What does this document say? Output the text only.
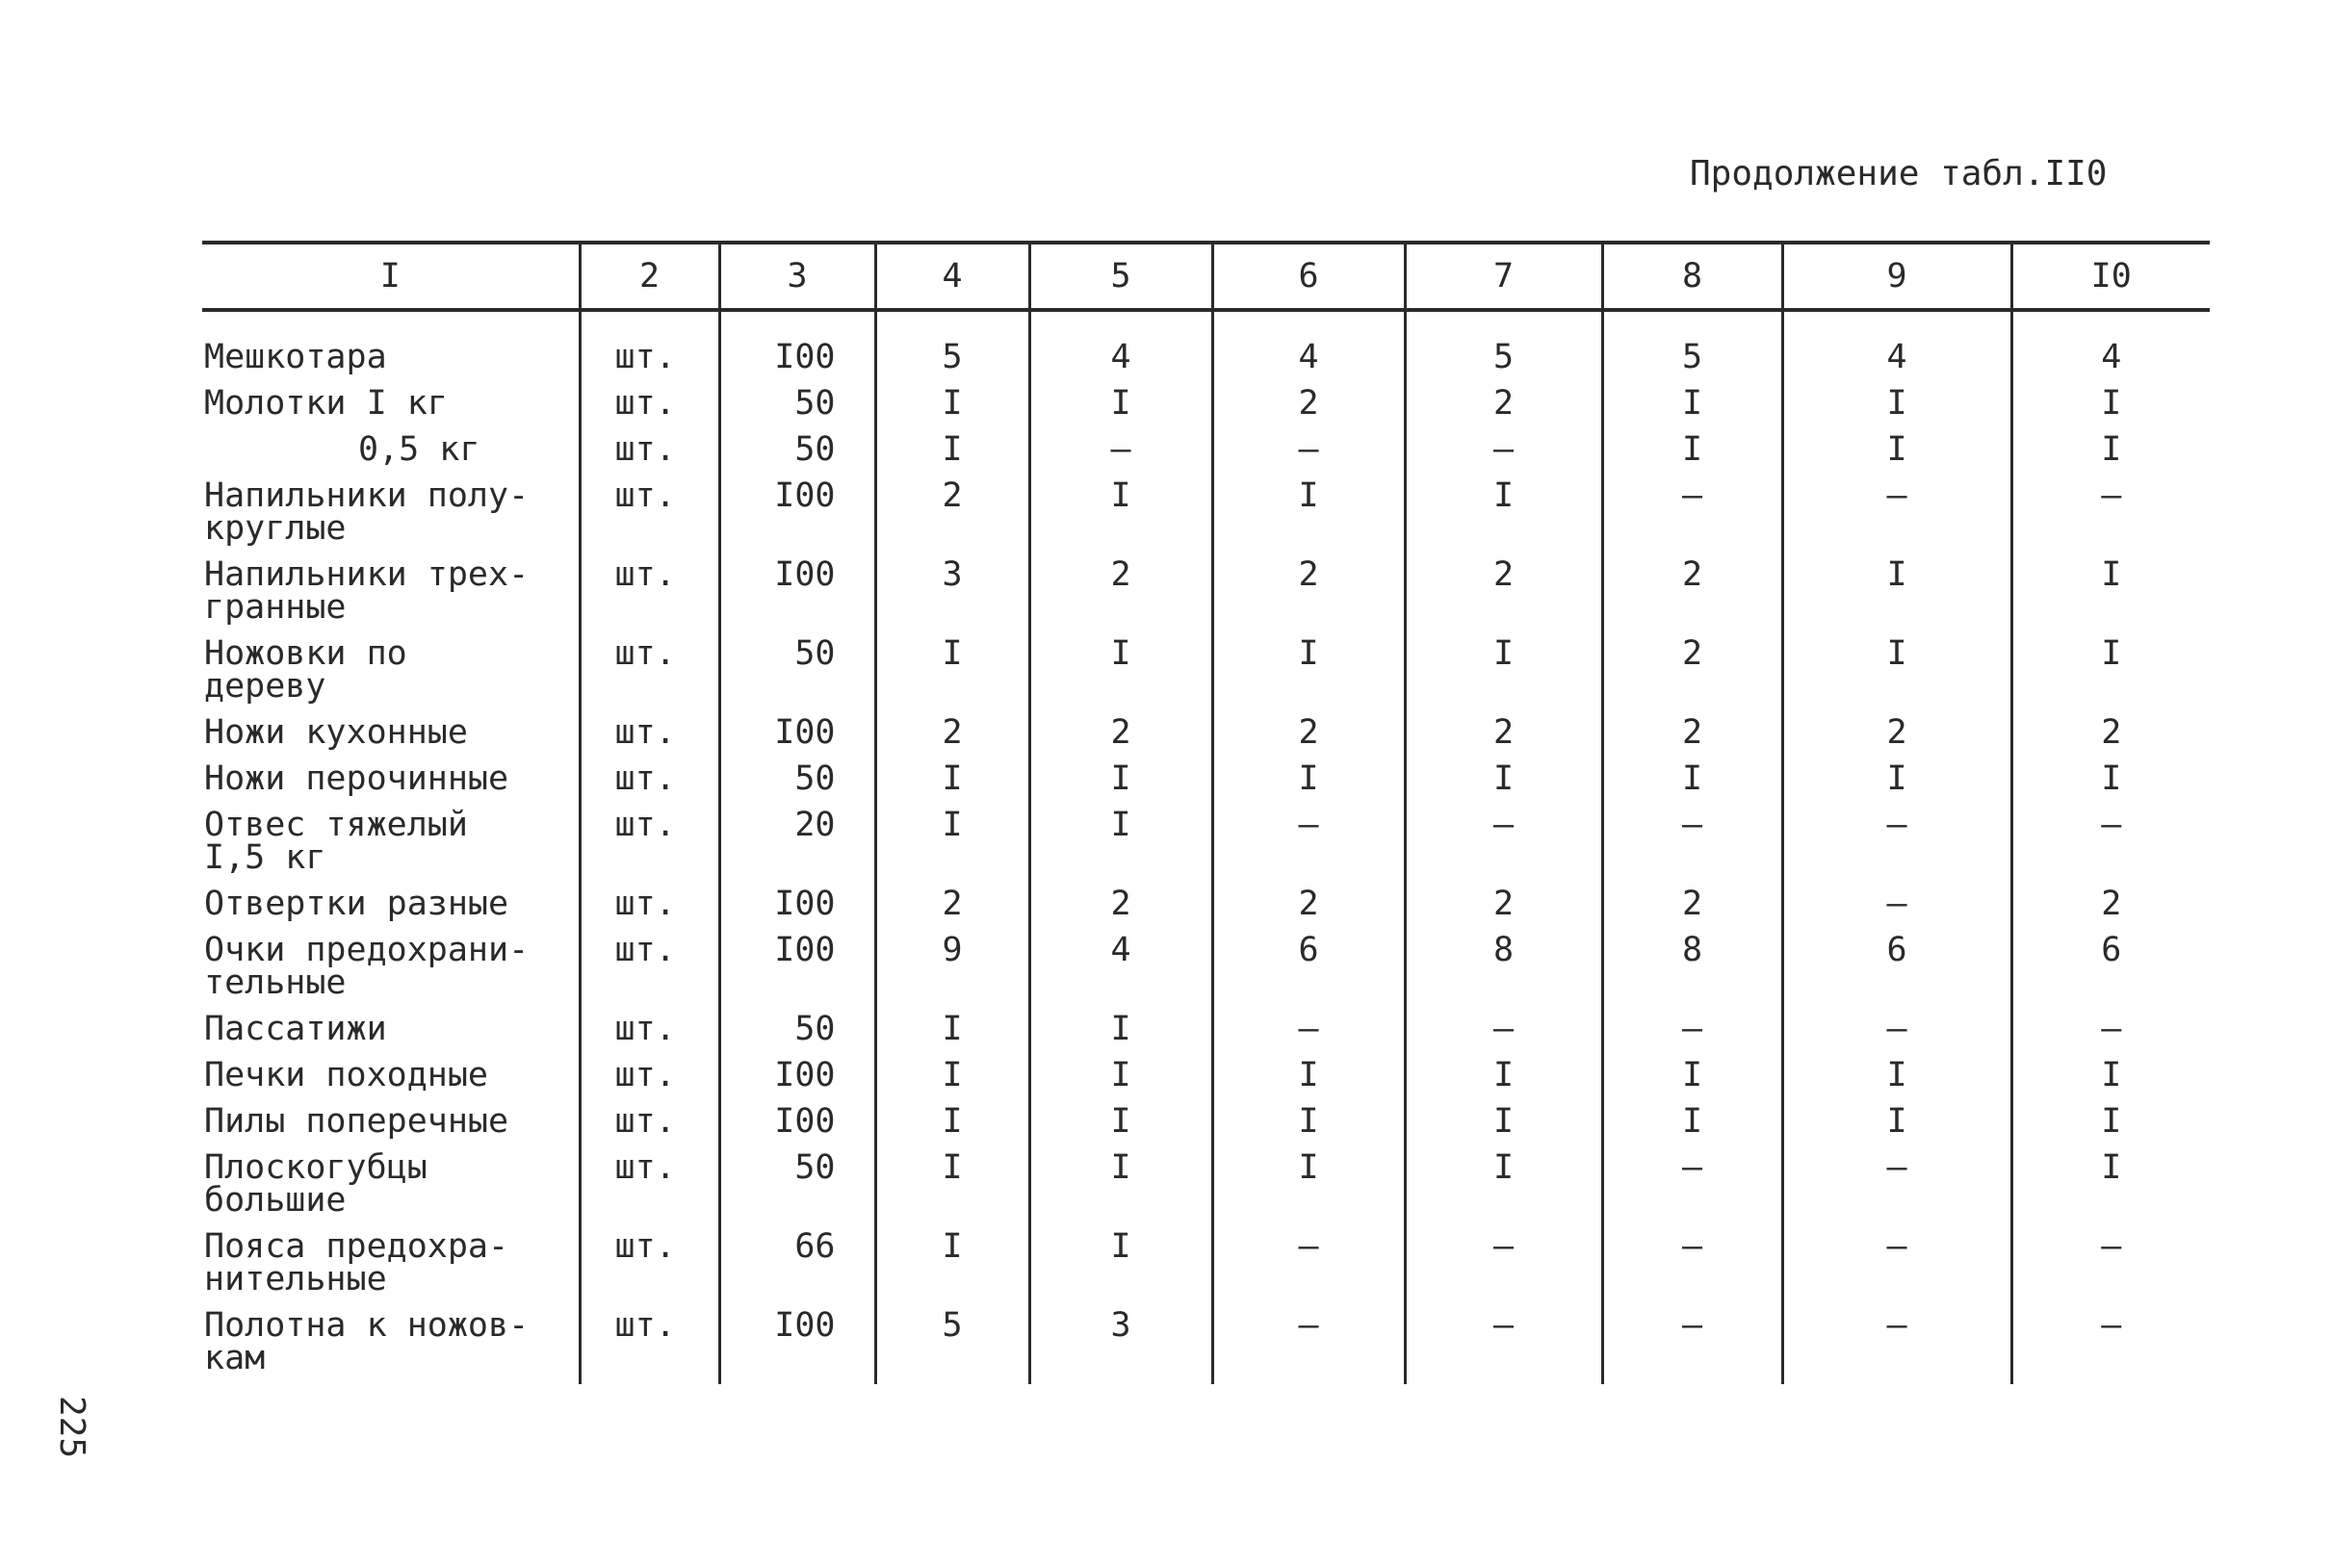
Продолжение табл.II0
I	2	3	4	5	6	7	8	9	I0
Мешкотара	шт.	I00	5	4	4	5	5	4	4
Молотки I кг	шт.	50	I	I	2	2	I	I	I
0,5 кг	шт.	50	I	–	–	–	I	I	I
Напильники полу-
круглые	шт.	I00	2	I	I	I	–	–	–
Напильники трех-
гранные	шт.	I00	3	2	2	2	2	I	I
Ножовки по
дереву	шт.	50	I	I	I	I	2	I	I
Ножи кухонные	шт.	I00	2	2	2	2	2	2	2
Ножи перочинные	шт.	50	I	I	I	I	I	I	I
Отвес тяжелый
I,5 кг	шт.	20	I	I	–	–	–	–	–
Отвертки разные	шт.	I00	2	2	2	2	2	–	2
Очки предохрани-
тельные	шт.	I00	9	4	6	8	8	6	6
Пассатижи	шт.	50	I	I	–	–	–	–	–
Печки походные	шт.	I00	I	I	I	I	I	I	I
Пилы поперечные	шт.	I00	I	I	I	I	I	I	I
Плоскогубцы
большие	шт.	50	I	I	I	I	–	–	I
Пояса предохра-
нительные	шт.	66	I	I	–	–	–	–	–
Полотна к ножов-
кам	шт.	I00	5	3	–	–	–	–	–
225
